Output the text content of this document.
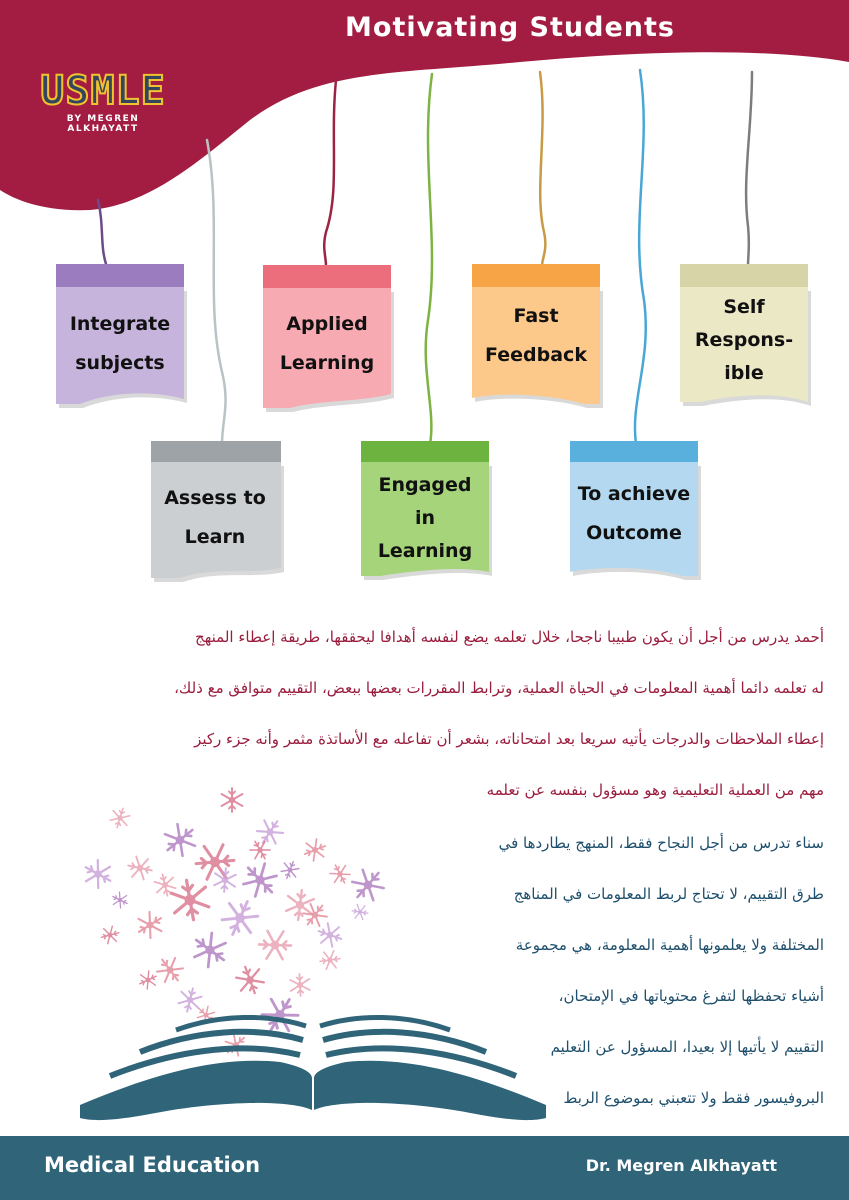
Motivating Students
USMLE
BY MEGREN ALKHAYATT
Integrate
subjects
Assess to
Learn
Applied
Learning
Engaged
in
Learning
Fast
Feedback
To achieve
Outcome
Self
Respons-
ible
أحمد يدرس من أجل أن يكون طبيبا ناجحا، خلال تعلمه يضع لنفسه أهدافا ليحققها، طريقة إعطاء المنهج
له تعلمه دائما أهمية المعلومات في الحياة العملية، وترابط المقررات بعضها ببعض، التقييم متوافق مع ذلك،
إعطاء الملاحظات والدرجات يأتيه سريعا بعد امتحاناته، بشعر أن تفاعله مع الأساتذة مثمر وأنه جزء ركيز
مهم من العملية التعليمية وهو مسؤول بنفسه عن تعلمه
سناء تدرس من أجل النجاح فقط، المنهج يطاردها في
طرق التقييم، لا تحتاج لربط المعلومات في المناهج
المختلفة ولا يعلمونها أهمية المعلومة، هي مجموعة
أشياء تحفظها لتفرغ محتوياتها في الإمتحان،
التقييم لا يأتيها إلا بعيدا، المسؤول عن التعليم
البروفيسور فقط ولا تتعبني بموضوع الربط
Medical Education	Dr. Megren Alkhayatt
